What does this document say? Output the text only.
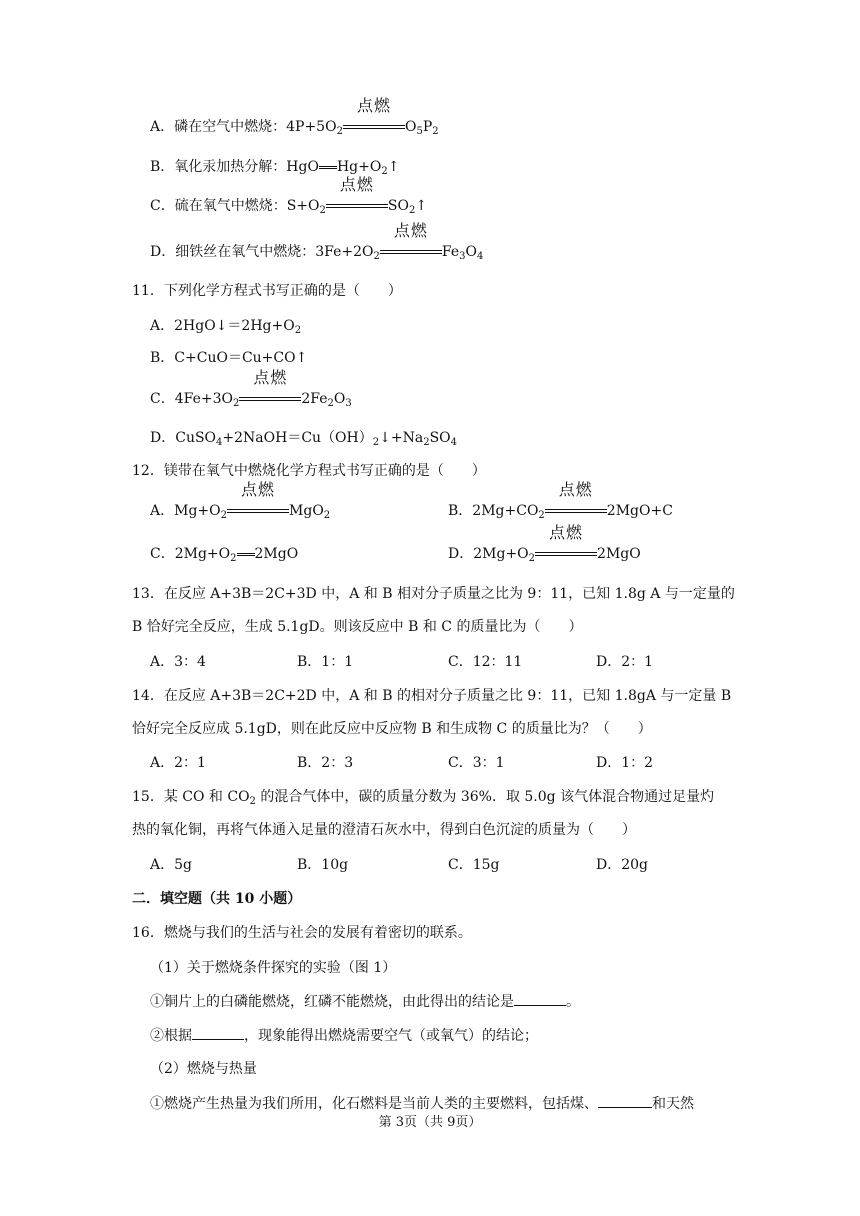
A．磷在空气中燃烧：$4P+5O_2$
点燃
$O_5P_2$
B．氧化汞加热分解：HgO $Hg+O_2↑$
C．硫在氧气中燃烧：$S+O_2$
点燃
$SO_2↑$
D．细铁丝在氧气中燃烧：$3Fe+2O_2$
点燃
$Fe_3O_4$
11．下列化学方程式书写正确的是（　　）
A．$2HgO↓=2Hg+O_2$
B．C+CuO＝Cu+CO↑
C．$4Fe+3O_2$
点燃
$2Fe_2O_3$
D．$CuSO_4+2NaOH=Cu(OH)_2↓+Na_2SO_4$
12．镁带在氧气中燃烧化学方程式书写正确的是（　　）
A．$Mg+O_2$
点燃
MgO$_2$	B．$2Mg+CO_2$
点燃
2MgO+C
C．$2Mg+O_2$ 2MgO	D．$2Mg+O_2$
点燃
2MgO
13．在反应 A+3B＝2C+3D 中，A 和 B 相对分子质量之比为 9：11，已知 1.8g A 与一定量的
B 恰好完全反应，生成 5.1gD。则该反应中 B 和 C 的质量比为（　　）
A．3：4	B．1：1	C．12：11	D．2：1
14．在反应 A+3B＝2C+2D 中，A 和 B 的相对分子质量之比 9：11，已知 1.8gA 与一定量 B
恰好完全反应成 5.1gD，则在此反应中反应物 B 和生成物 C 的质量比为？（　　）
A．2：1	B．2：3	C．3：1	D．1：2
15．某 CO 和 $CO_2$ 的混合气体中，碳的质量分数为 36%．取 5.0g 该气体混合物通过足量灼
热的氧化铜，再将气体通入足量的澄清石灰水中，得到白色沉淀的质量为（　　）
A．5g	B．10g	C．15g	D．20g
二．填空题（共 10 小题）
16．燃烧与我们的生活与社会的发展有着密切的联系。
（1）关于燃烧条件探究的实验（图 1）
①铜片上的白磷能燃烧，红磷不能燃烧，由此得出的结论是	。
②根据	，现象能得出燃烧需要空气（或氧气）的结论；
（2）燃烧与热量
①燃烧产生热量为我们所用，化石燃料是当前人类的主要燃料，包括煤、	和天然
第 3页（共 9页）
